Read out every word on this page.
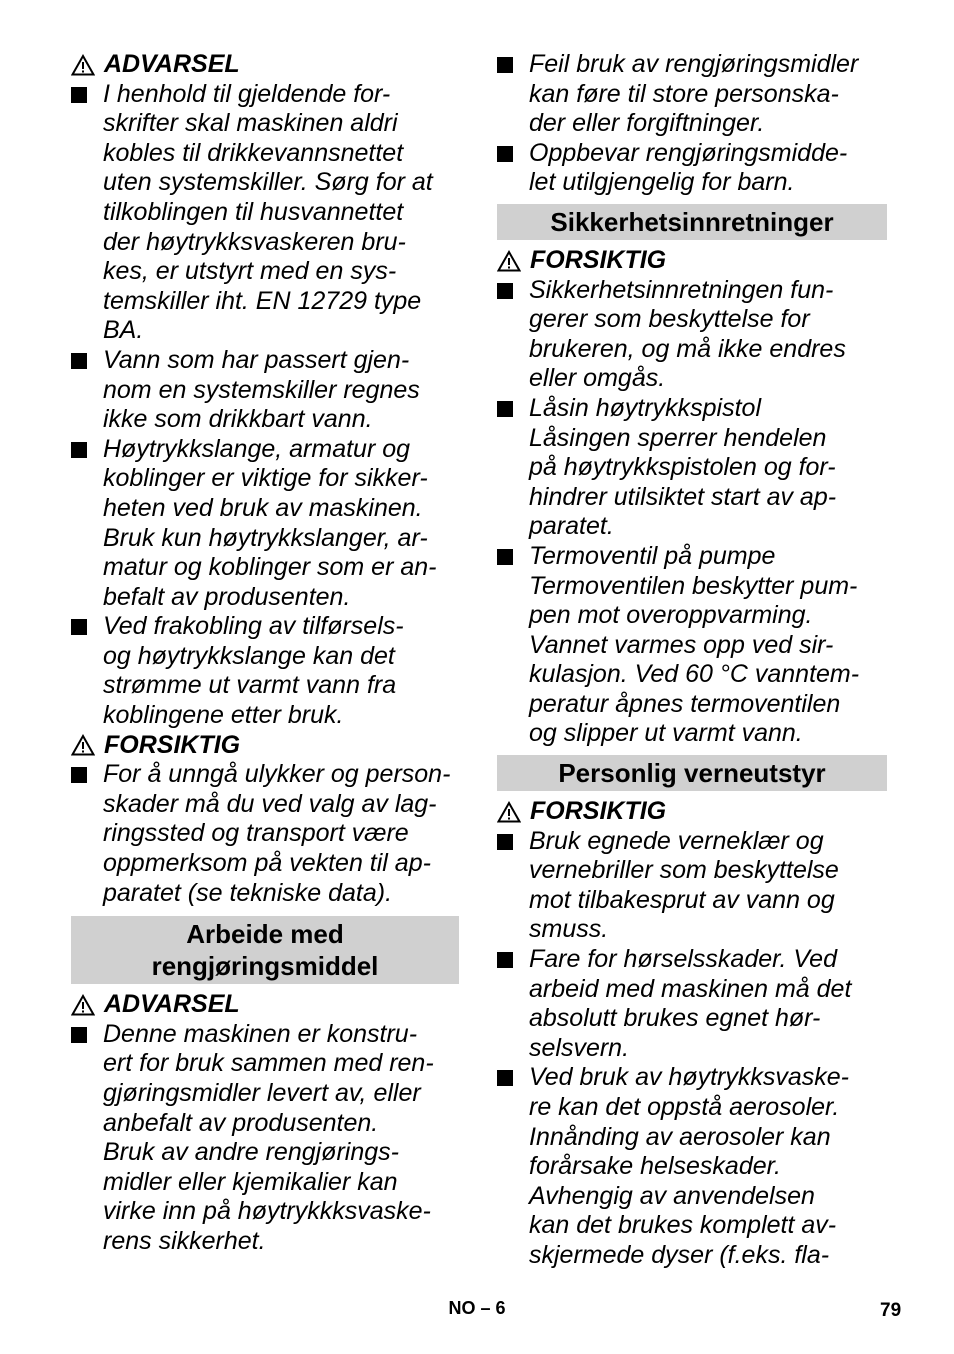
ADVARSEL
I henhold til gjeldende for-
skrifter skal maskinen aldri
kobles til drikkevannsnettet
uten systemskiller. Sørg for at
tilkoblingen til husvannettet
der høytrykksvaskeren bru-
kes, er utstyrt med en sys-
temskiller iht. EN 12729 type
BA.
Vann som har passert gjen-
nom en systemskiller regnes
ikke som drikkbart vann.
Høytrykkslange, armatur og
koblinger er viktige for sikker-
heten ved bruk av maskinen.
Bruk kun høytrykkslanger, ar-
matur og koblinger som er an-
befalt av produsenten.
Ved frakobling av tilførsels-
og høytrykkslange kan det
strømme ut varmt vann fra
koblingene etter bruk.
FORSIKTIG
For å unngå ulykker og person-
skader må du ved valg av lag-
ringssted og transport være
oppmerksom på vekten til ap-
paratet (se tekniske data).
Arbeide med
rengjøringsmiddel
ADVARSEL
Denne maskinen er konstru-
ert for bruk sammen med ren-
gjøringsmidler levert av, eller
anbefalt av produsenten.
Bruk av andre rengjørings-
midler eller kjemikalier kan
virke inn på høytrykkksvaske-
rens sikkerhet.
Feil bruk av rengjøringsmidler
kan føre til store personska-
der eller forgiftninger.
Oppbevar rengjøringsmidde-
let utilgjengelig for barn.
Sikkerhetsinnretninger
FORSIKTIG
Sikkerhetsinnretningen fun-
gerer som beskyttelse for
brukeren, og må ikke endres
eller omgås.
Låsin høytrykkspistol
Låsingen sperrer hendelen
på høytrykkspistolen og for-
hindrer utilsiktet start av ap-
paratet.
Termoventil på pumpe
Termoventilen beskytter pum-
pen mot overoppvarming.
Vannet varmes opp ved sir-
kulasjon. Ved 60 °C vanntem-
peratur åpnes termoventilen
og slipper ut varmt vann.
Personlig verneutstyr
FORSIKTIG
Bruk egnede verneklær og
vernebriller som beskyttelse
mot tilbakesprut av vann og
smuss.
Fare for hørselsskader. Ved
arbeid med maskinen må det
absolutt brukes egnet hør-
selsvern.
Ved bruk av høytrykksvaske-
re kan det oppstå aerosoler.
Innånding av aerosoler kan
forårsake helseskader.
Avhengig av anvendelsen
kan det brukes komplett av-
skjermede dyser (f.eks. fla-
NO – 6	79
